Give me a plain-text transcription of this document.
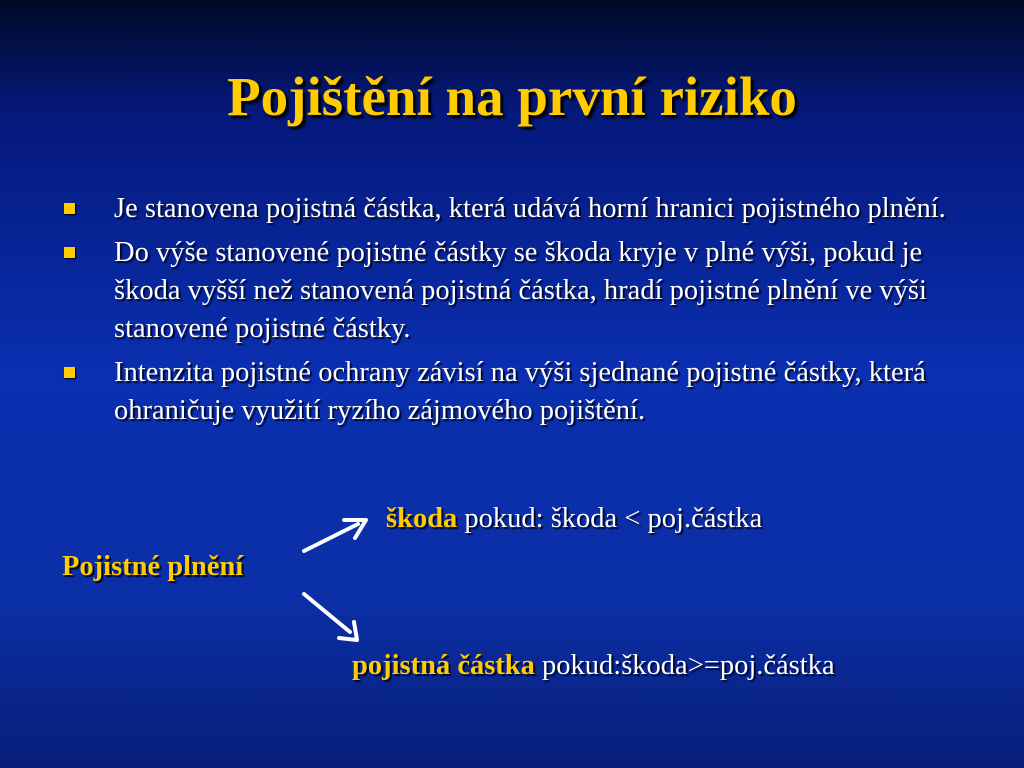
Pojištění na první riziko
Je stanovena pojistná částka, která udává horní hranici pojistného plnění.
Do výše stanovené pojistné částky se škoda kryje v plné výši, pokud je škoda vyšší než stanovená pojistná částka, hradí pojistné plnění ve výši stanovené pojistné částky.
Intenzita pojistné ochrany závisí na výši sjednané pojistné částky, která ohraničuje využití ryzího zájmového pojištění.
škoda pokud: škoda < poj.částka
Pojistné plnění
pojistná částka pokud:škoda>=poj.částka
